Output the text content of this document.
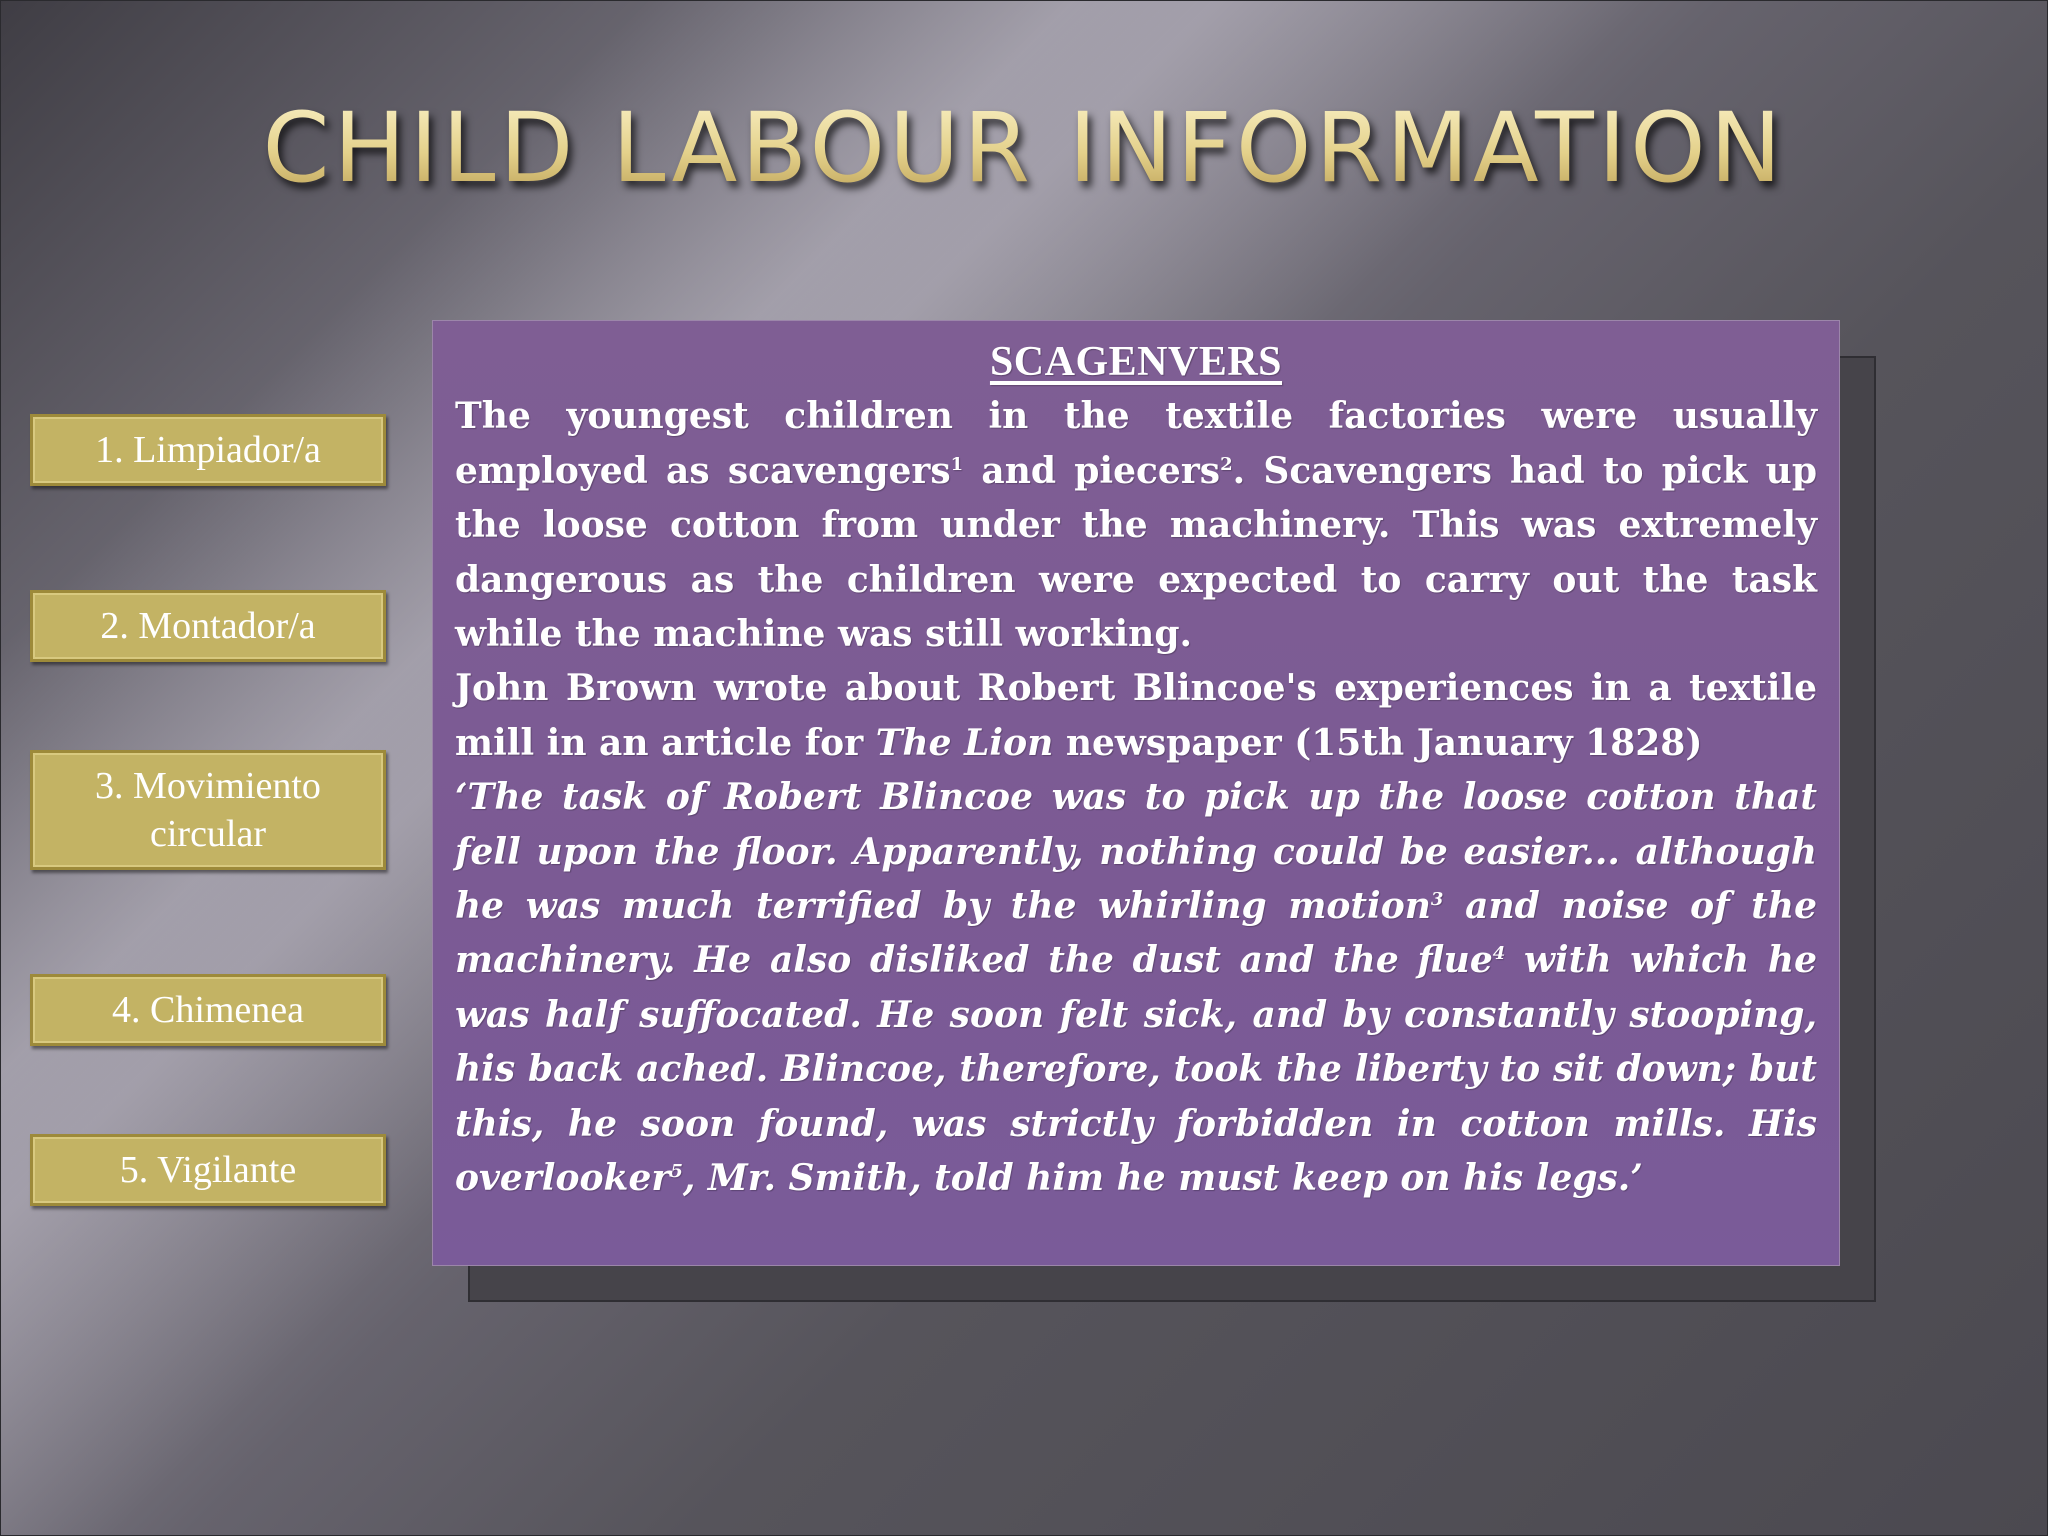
CHILD LABOUR INFORMATION
1. Limpiador/a
2. Montador/a
3. Movimiento
circular
4. Chimenea
5. Vigilante
SCAGENVERS

The youngest children in the textile factories were usually employed as scavengers$^1$ and piecers$^2$. Scavengers had to pick up the loose cotton from under the machinery. This was extremely dangerous as the children were expected to carry out the task while the machine was still working.

John Brown wrote about Robert Blincoe's experiences in a textile mill in an article for The Lion newspaper (15th January 1828)

‘The task of Robert Blincoe was to pick up the loose cotton that fell upon the floor. Apparently, nothing could be easier... although he was much terrified by the whirling motion$^3$ and noise of the machinery. He also disliked the dust and the flue$^4$ with which he was half suffocated. He soon felt sick, and by constantly stooping, his back ached. Blincoe, therefore, took the liberty to sit down; but this, he soon found, was strictly forbidden in cotton mills. His overlooker$^5$, Mr. Smith, told him he must keep on his legs.’
